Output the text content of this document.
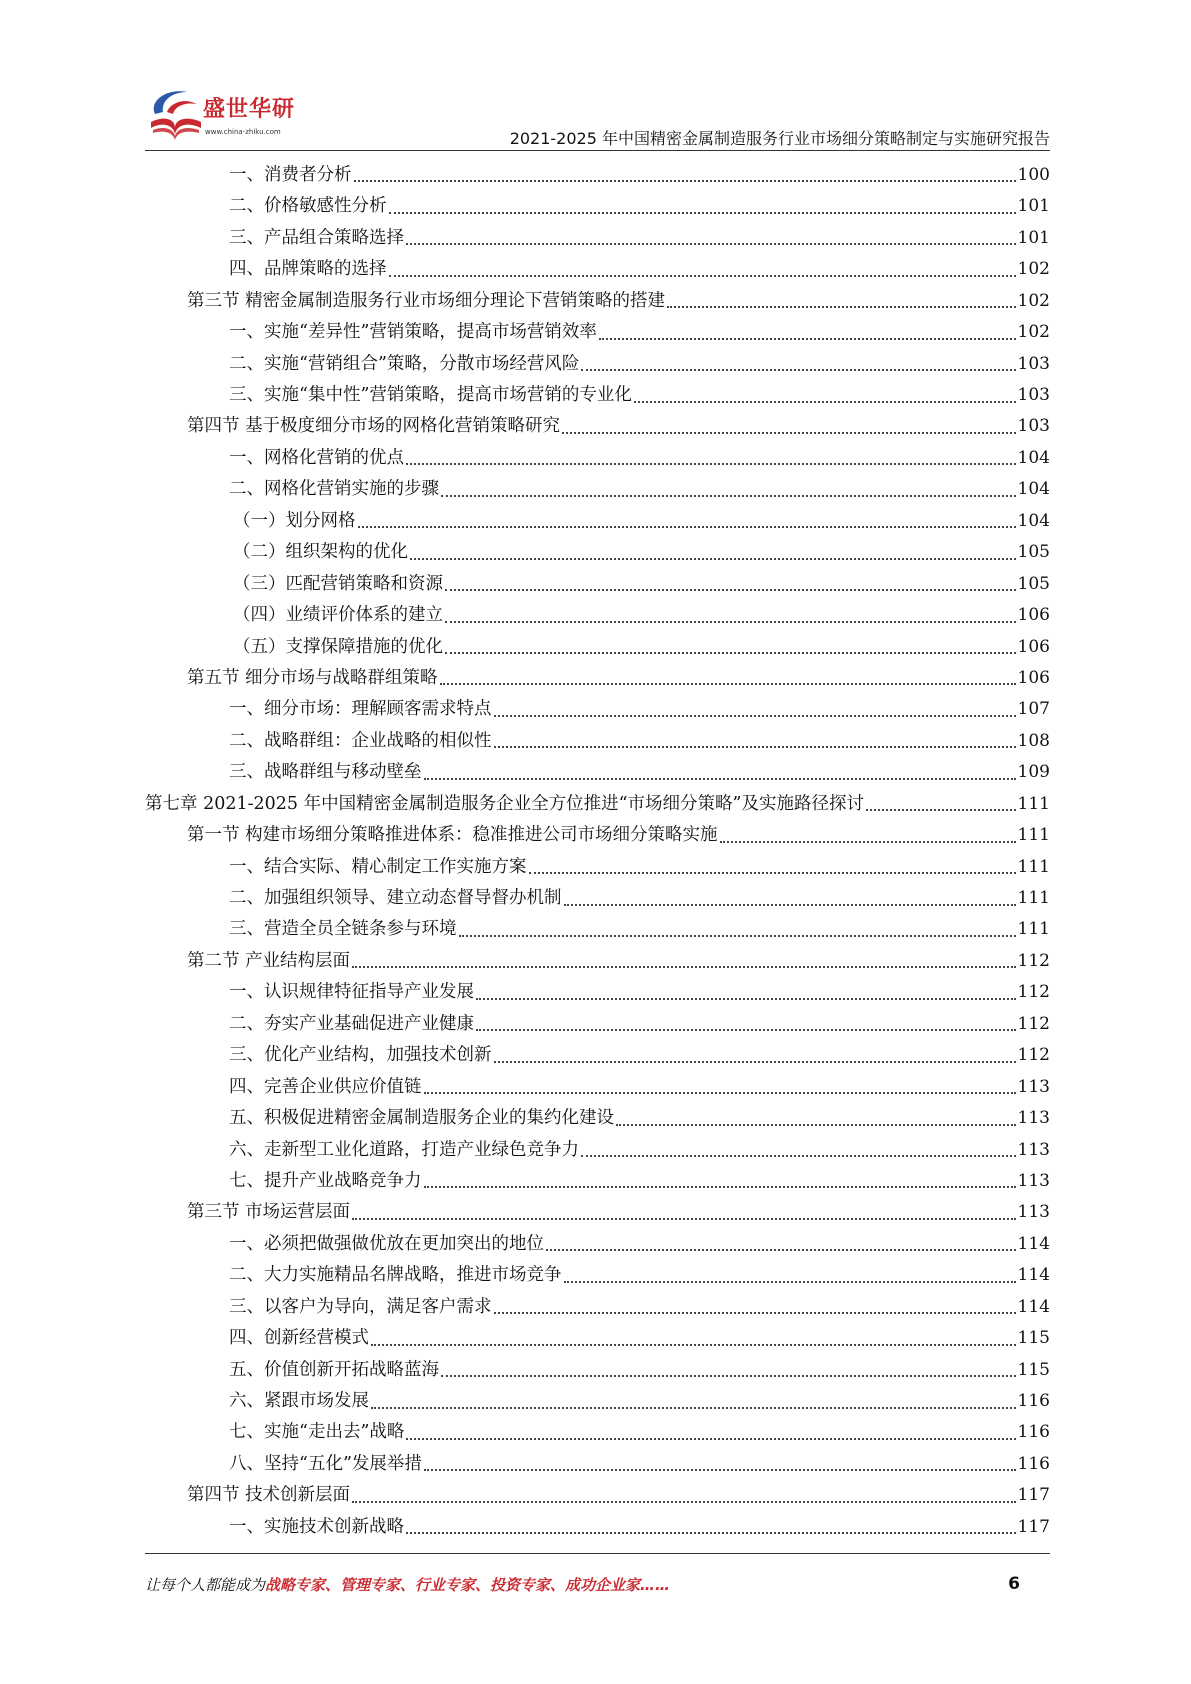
盛世华研
www.china-zhiku.com	2021-2025 年中国精密金属制造服务行业市场细分策略制定与实施研究报告
一、消费者分析	100
二、价格敏感性分析	101
三、产品组合策略选择	101
四、品牌策略的选择	102
第三节 精密金属制造服务行业市场细分理论下营销策略的搭建	102
一、实施“差异性”营销策略，提高市场营销效率	102
二、实施“营销组合”策略，分散市场经营风险	103
三、实施“集中性”营销策略，提高市场营销的专业化	103
第四节 基于极度细分市场的网格化营销策略研究	103
一、网格化营销的优点	104
二、网格化营销实施的步骤	104
（一）划分网格	104
（二）组织架构的优化	105
（三）匹配营销策略和资源	105
（四）业绩评价体系的建立	106
（五）支撑保障措施的优化	106
第五节 细分市场与战略群组策略	106
一、细分市场：理解顾客需求特点	107
二、战略群组：企业战略的相似性	108
三、战略群组与移动壁垒	109
第七章 2021-2025 年中国精密金属制造服务企业全方位推进“市场细分策略”及实施路径探讨	111
第一节 构建市场细分策略推进体系：稳准推进公司市场细分策略实施	111
一、结合实际、精心制定工作实施方案	111
二、加强组织领导、建立动态督导督办机制	111
三、营造全员全链条参与环境	111
第二节 产业结构层面	112
一、认识规律特征指导产业发展	112
二、夯实产业基础促进产业健康	112
三、优化产业结构，加强技术创新	112
四、完善企业供应价值链	113
五、积极促进精密金属制造服务企业的集约化建设	113
六、走新型工业化道路，打造产业绿色竞争力	113
七、提升产业战略竞争力	113
第三节 市场运营层面	113
一、必须把做强做优放在更加突出的地位	114
二、大力实施精品名牌战略，推进市场竞争	114
三、以客户为导向，满足客户需求	114
四、创新经营模式	115
五、价值创新开拓战略蓝海	115
六、紧跟市场发展	116
七、实施“走出去”战略	116
八、坚持“五化”发展举措	116
第四节 技术创新层面	117
一、实施技术创新战略	117
让每个人都能成为战略专家、管理专家、行业专家、投资专家、成功企业家……	6
